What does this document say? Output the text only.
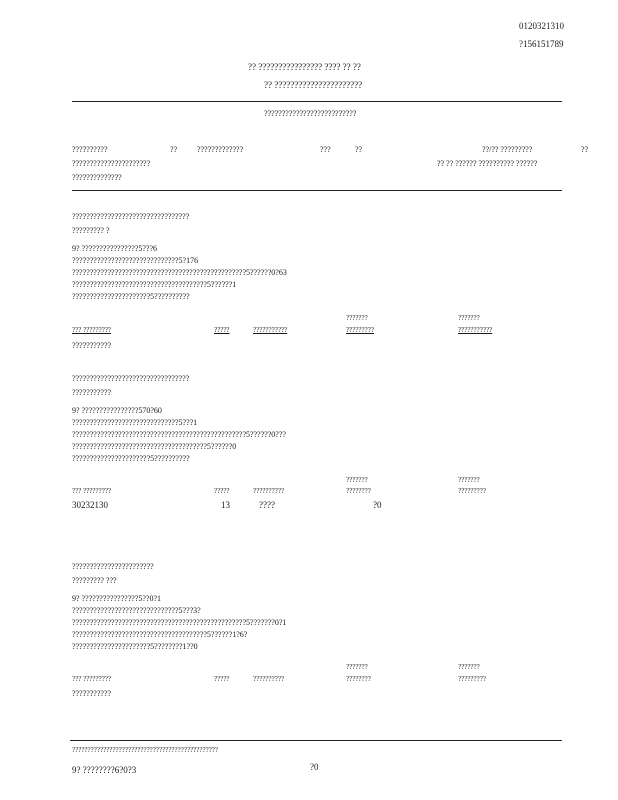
0120321310
?156151789
?? ???????????????? ???? ?? ??
?? ??????????????????????
??????????????????????????
??????????	?? ?????????????	???	??	??/?? ?????????	??
??????????????????????	?? ?? ?????? ?????????? ??????
??????????????
?????????????????????????????????
????????? ?
9? ????????????????5???6
??????????????????????????????5?176
?????????????????????????????????????????????????5??????0?63
??????????????????????????????????????5??????1
??????????????????????5??????????
???????	???????
??? ?????????	?????	???????????	?????????	???????????
???????????
?????????????????????????????????
???????????
9? ????????????????570?60
??????????????????????????????5???1
?????????????????????????????????????????????????5??????0???
??????????????????????????????????????5??????0
??????????????????????5??????????
???????	???????
??? ?????????	?????	??????????	????????	?????????
30232130	13	????	?0
???????????????????????
????????? ???
9? ????????????????5??0?1
??????????????????????????????5???3?
?????????????????????????????????????????????????5???????0?1
??????????????????????????????????????5??????1?6?
??????????????????????5????????1??0
???????	???????
??? ?????????	?????	??????????	????????	?????????
???????????
???????????????????????????????????????????????
9? ????????6?0?3	?0
